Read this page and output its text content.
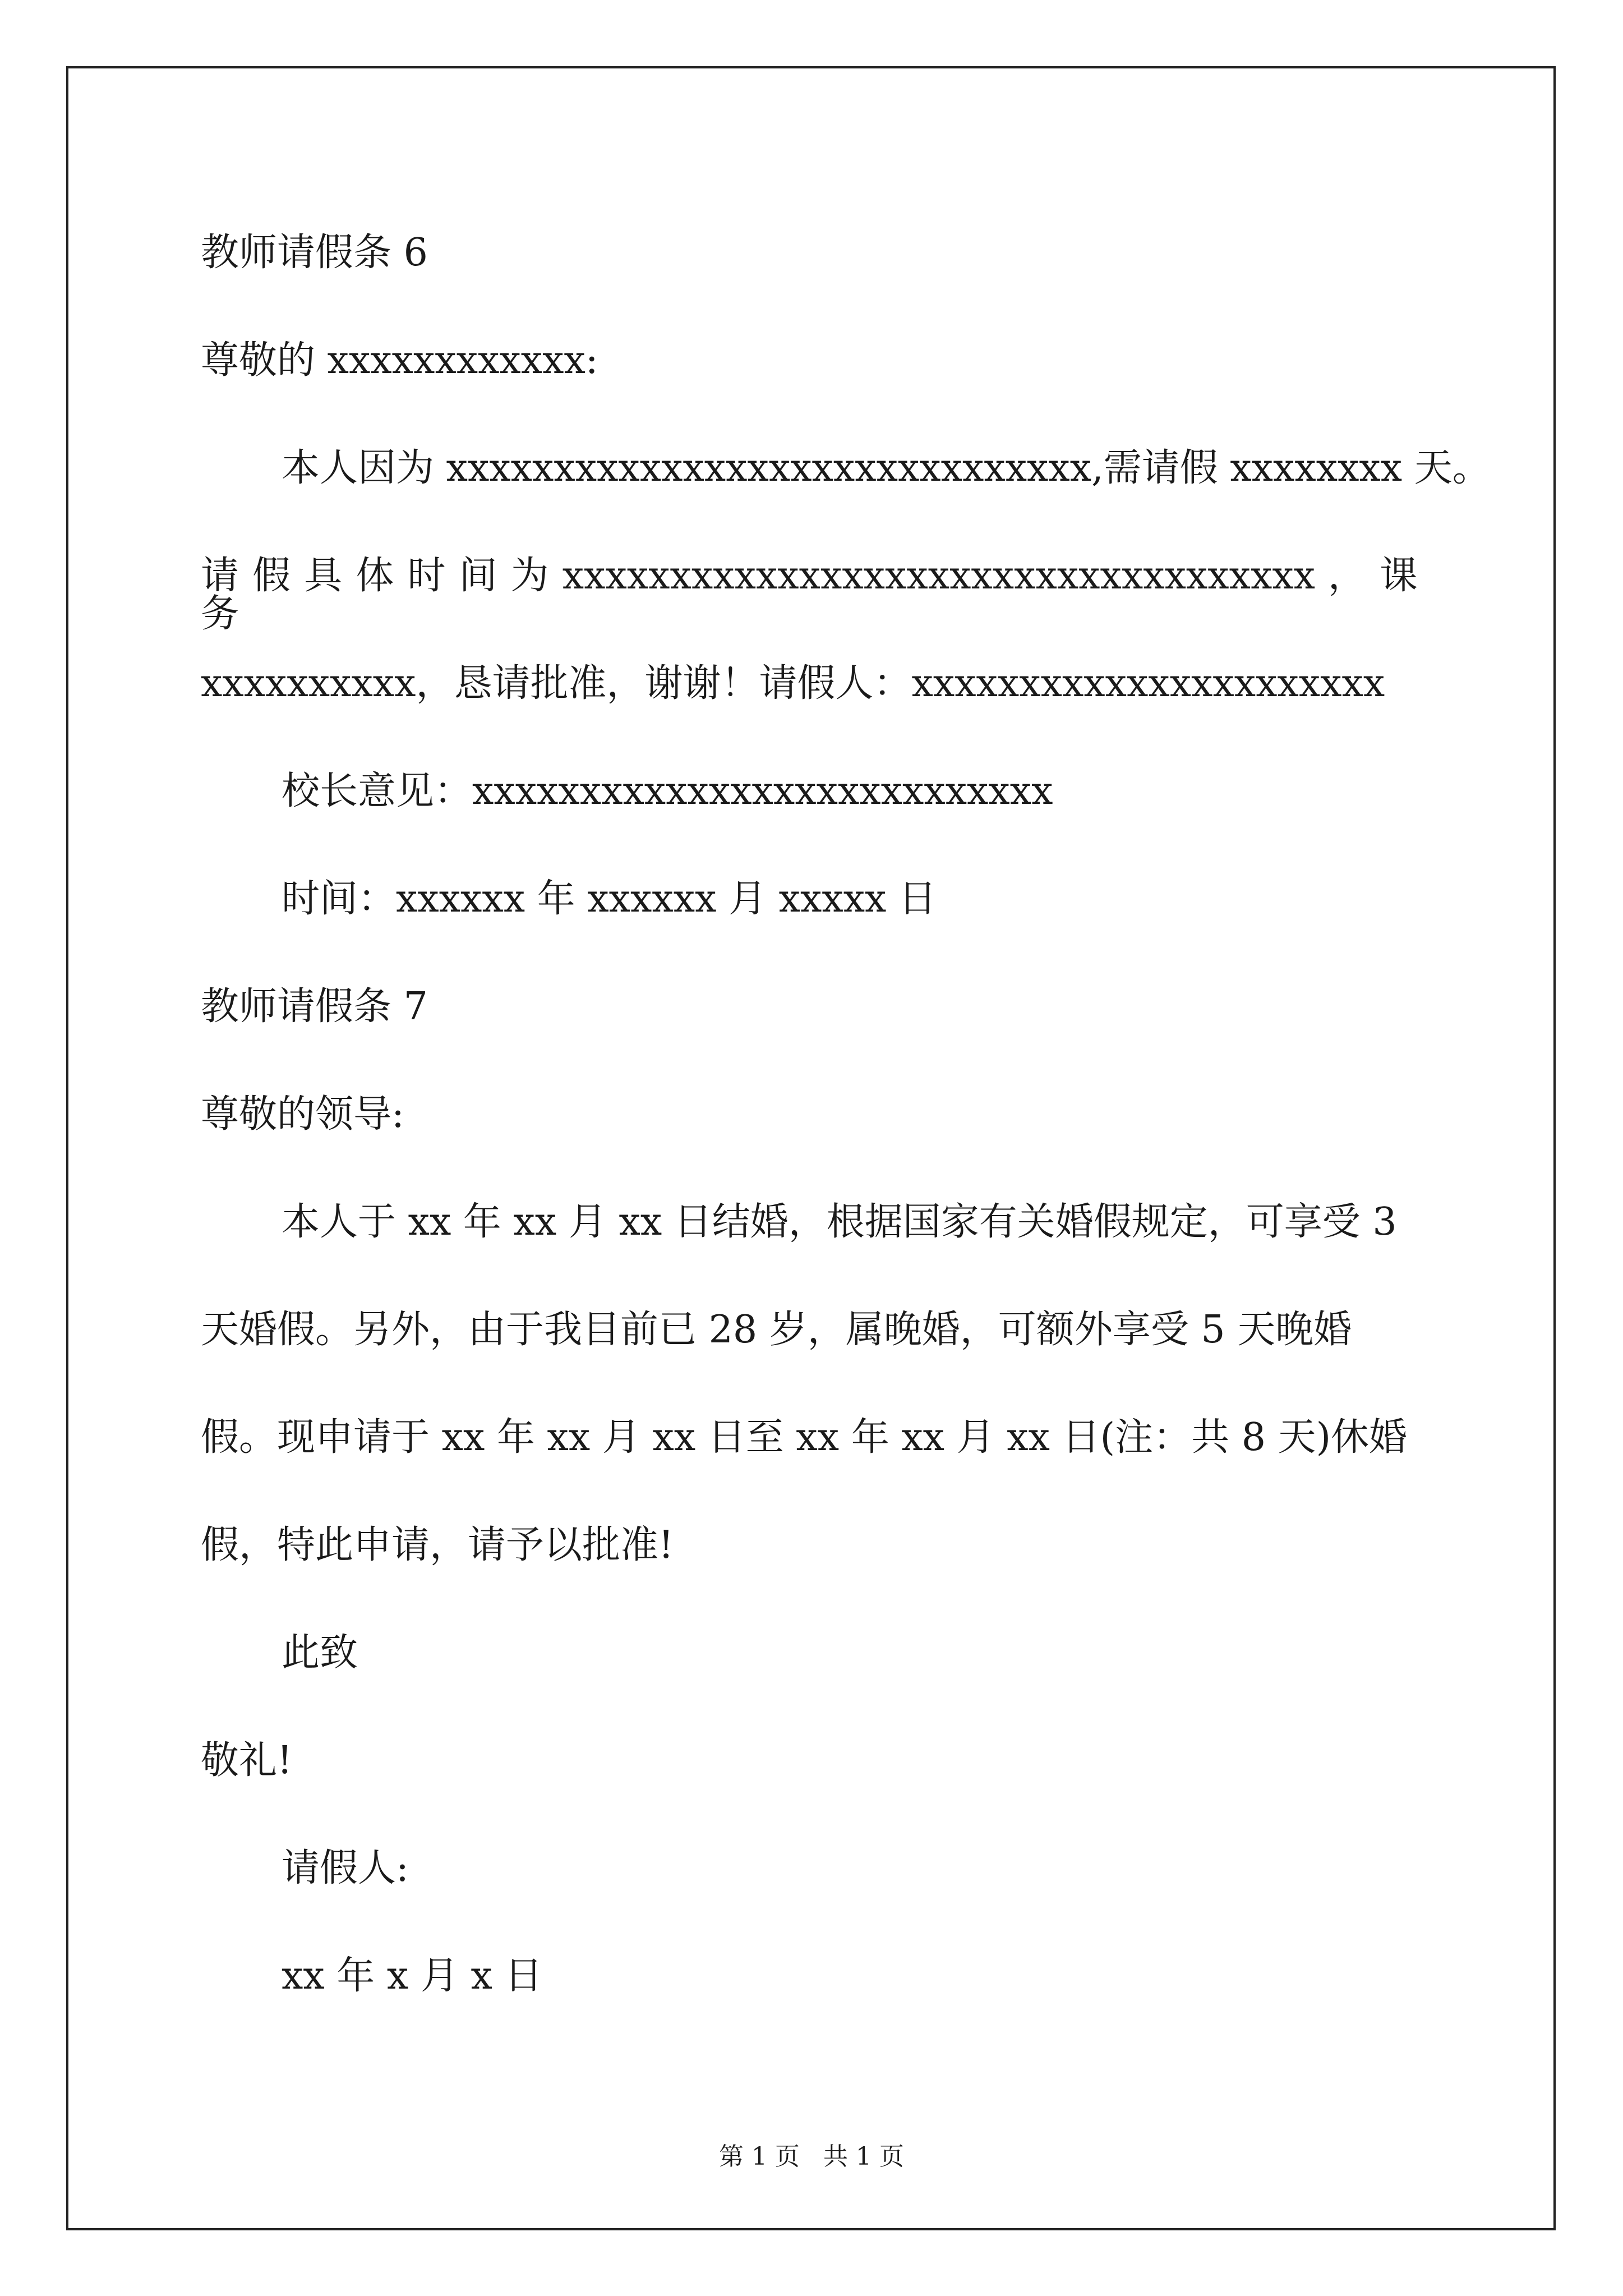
教师请假条 6
尊敬的 xxxxxxxxxxxx:
本人因为 xxxxxxxxxxxxxxxxxxxxxxxxxxxxxx,需请假 xxxxxxxx 天。
请 假 具 体 时 间 为 xxxxxxxxxxxxxxxxxxxxxxxxxxxxxxxxxxx ， 课 务
xxxxxxxxxx，恳请批准，谢谢！请假人：xxxxxxxxxxxxxxxxxxxxxx
校长意见：xxxxxxxxxxxxxxxxxxxxxxxxxxx
时间：xxxxxx 年 xxxxxx 月 xxxxx 日
教师请假条 7
尊敬的领导:
本人于 xx 年 xx 月 xx 日结婚，根据国家有关婚假规定，可享受 3
天婚假。另外，由于我目前已 28 岁，属晚婚，可额外享受 5 天晚婚
假。现申请于 xx 年 xx 月 xx 日至 xx 年 xx 月 xx 日(注：共 8 天)休婚
假，特此申请，请予以批准!
此致
敬礼!
请假人:
xx 年 x 月 x 日
第 1 页 共 1 页
